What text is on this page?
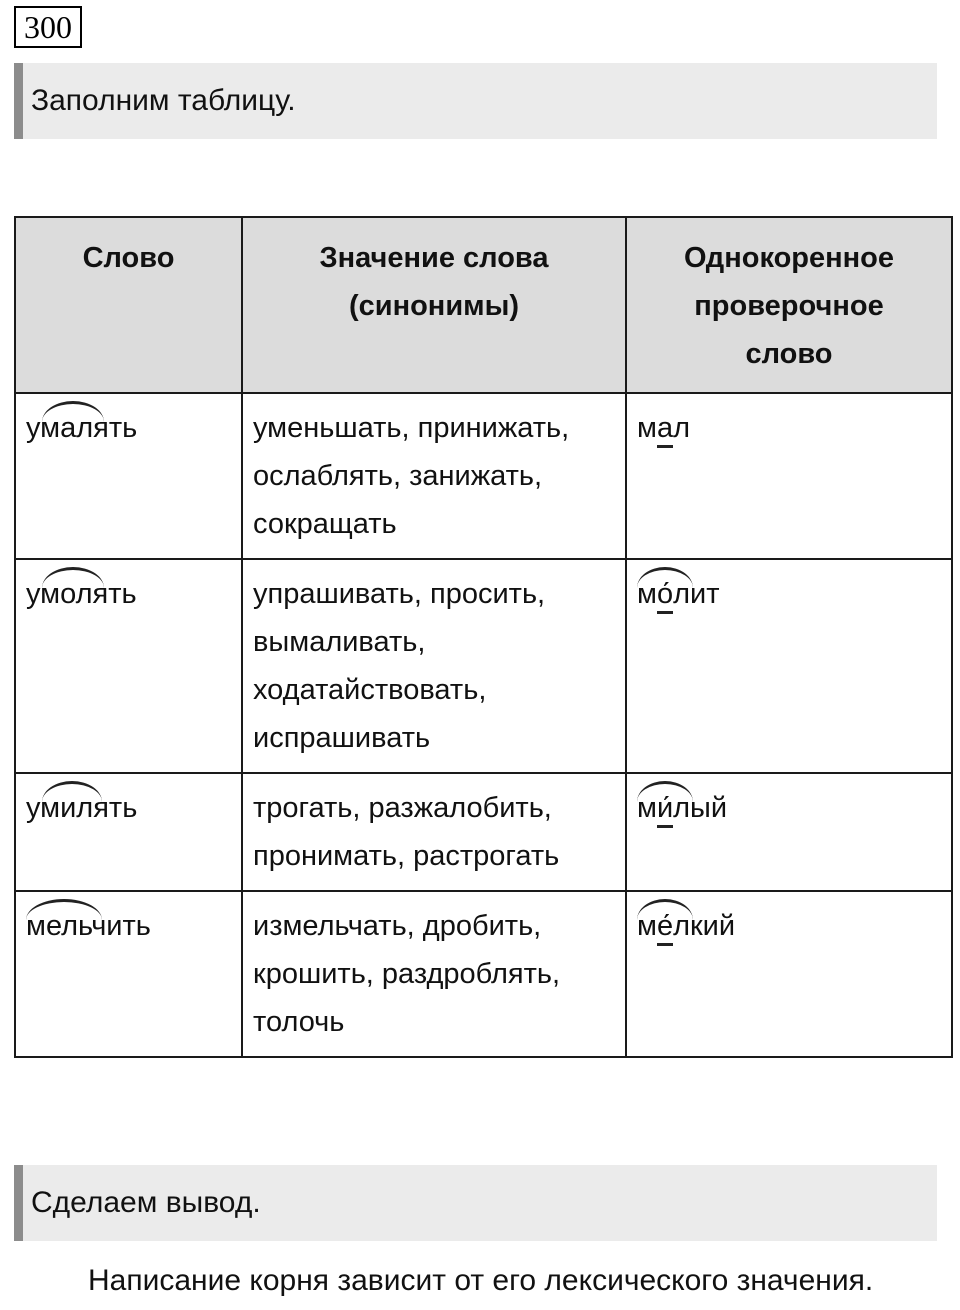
300
Заполним таблицу.
Слово	Значение слова (синонимы)	Однокоренное проверочное слово

умалять	уменьшать, принижать, ослаблять, занижать, сокращать	мал

умолять	упрашивать, просить, вымаливать, ходатайствовать, испрашивать	мо́лит

умилять	трогать, разжалобить, пронимать, растрогать	ми́лый

мельчить	измельчать, дробить, крошить, раздроблять, толочь	ме́лкий
Сделаем вывод.
Написание корня зависит от его лексического значения.
